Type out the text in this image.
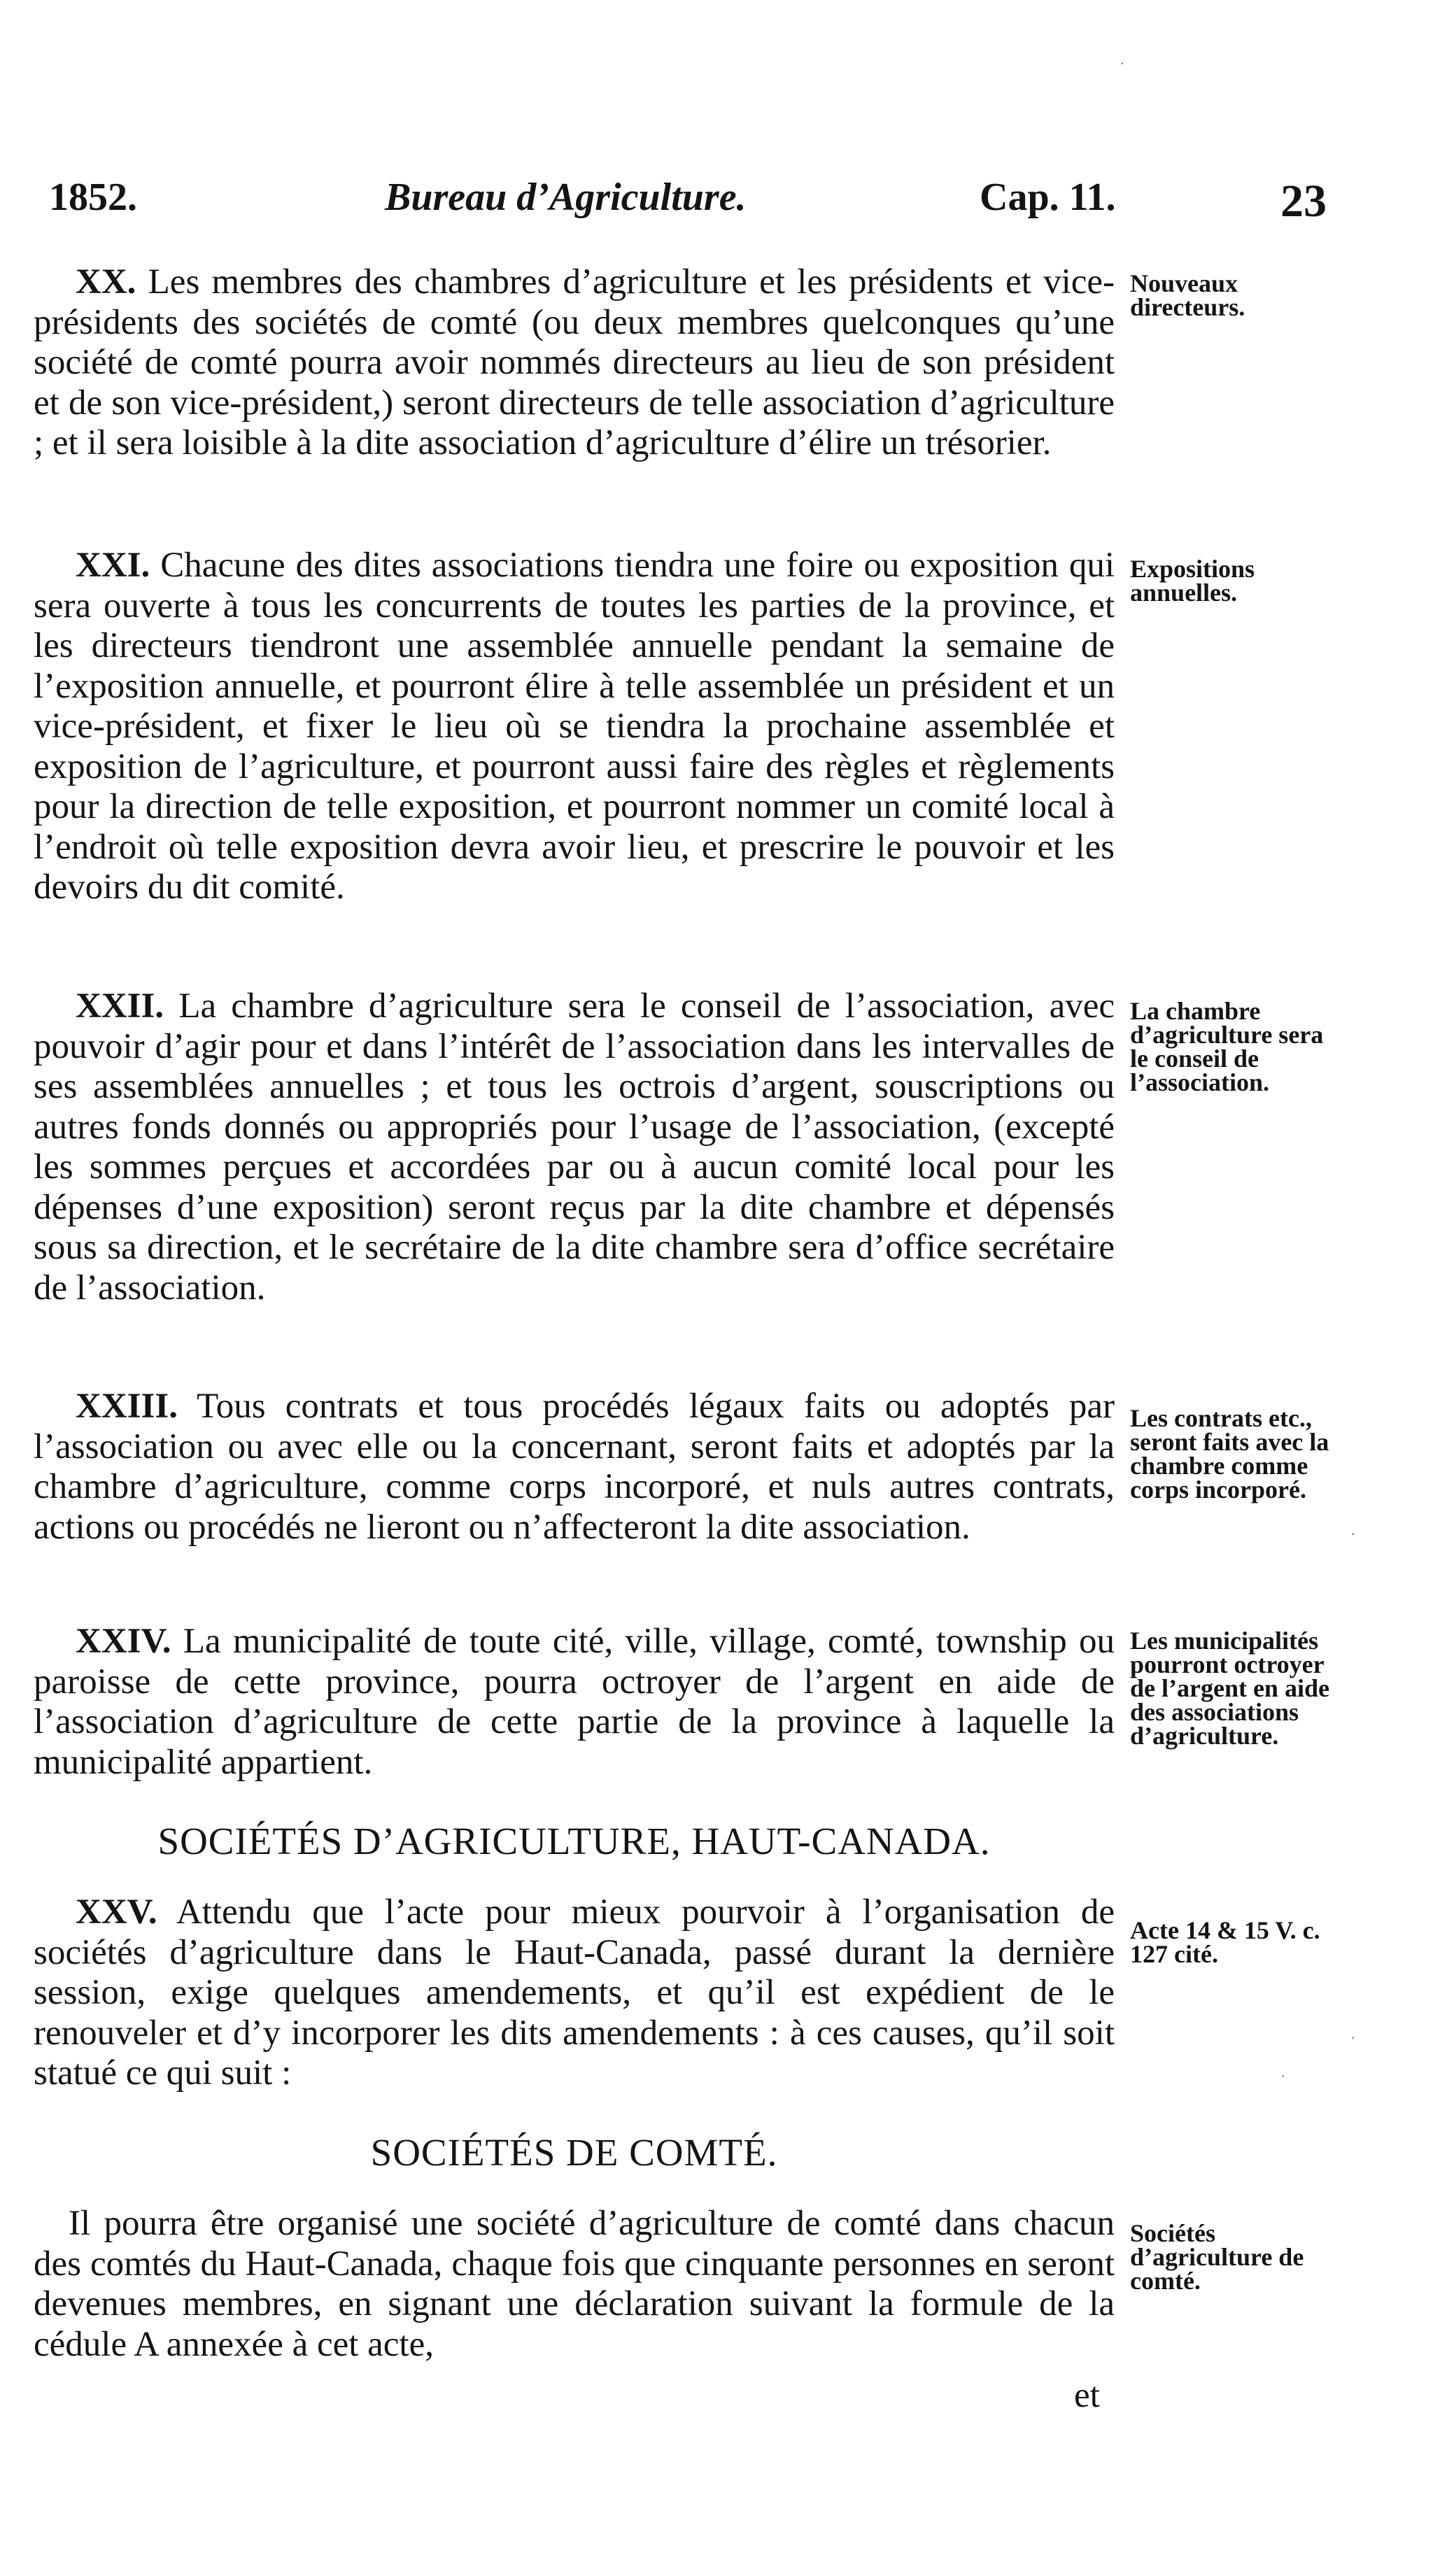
1852.	Bureau d’Agriculture.	Cap. 11.	23
XX. Les membres des chambres d’agriculture et les présidents et vice-présidents des sociétés de comté (ou deux membres quelconques qu’une société de comté pourra avoir nommés directeurs au lieu de son président et de son vice-président,) seront directeurs de telle association d’agriculture ; et il sera loisible à la dite association d’agriculture d’élire un trésorier.
Nouveaux directeurs.
XXI. Chacune des dites associations tiendra une foire ou exposition qui sera ouverte à tous les concurrents de toutes les parties de la province, et les directeurs tiendront une assemblée annuelle pendant la semaine de l’exposition annuelle, et pourront élire à telle assemblée un président et un vice-président, et fixer le lieu où se tiendra la prochaine assemblée et exposition de l’agriculture, et pourront aussi faire des règles et règlements pour la direction de telle exposition, et pourront nommer un comité local à l’endroit où telle exposition devra avoir lieu, et prescrire le pouvoir et les devoirs du dit comité.
Expositions annuelles.
XXII. La chambre d’agriculture sera le conseil de l’association, avec pouvoir d’agir pour et dans l’intérêt de l’association dans les intervalles de ses assemblées annuelles ; et tous les octrois d’argent, souscriptions ou autres fonds donnés ou appropriés pour l’usage de l’association, (excepté les sommes perçues et accordées par ou à aucun comité local pour les dépenses d’une exposition) seront reçus par la dite chambre et dépensés sous sa direction, et le secrétaire de la dite chambre sera d’office secrétaire de l’association.
La chambre d’agriculture sera le conseil de l’association.
XXIII. Tous contrats et tous procédés légaux faits ou adoptés par l’association ou avec elle ou la concernant, seront faits et adoptés par la chambre d’agriculture, comme corps incorporé, et nuls autres contrats, actions ou procédés ne lieront ou n’affecteront la dite association.
Les contrats etc., seront faits avec la chambre comme corps incorporé.
XXIV. La municipalité de toute cité, ville, village, comté, township ou paroisse de cette province, pourra octroyer de l’argent en aide de l’association d’agriculture de cette partie de la province à laquelle la municipalité appartient.
Les municipalités pourront octroyer de l’argent en aide des associations d’agriculture.
SOCIÉTÉS D’AGRICULTURE, HAUT-CANADA.
XXV. Attendu que l’acte pour mieux pourvoir à l’organisation de sociétés d’agriculture dans le Haut-Canada, passé durant la dernière session, exige quelques amendements, et qu’il est expédient de le renouveler et d’y incorporer les dits amendements : à ces causes, qu’il soit statué ce qui suit :
Acte 14 & 15 V. c. 127 cité.
SOCIÉTÉS DE COMTÉ.
Il pourra être organisé une société d’agriculture de comté dans chacun des comtés du Haut-Canada, chaque fois que cinquante personnes en seront devenues membres, en signant une déclaration suivant la formule de la cédule A annexée à cet acte,
Sociétés d’agriculture de comté.
et
·
·
·
·
